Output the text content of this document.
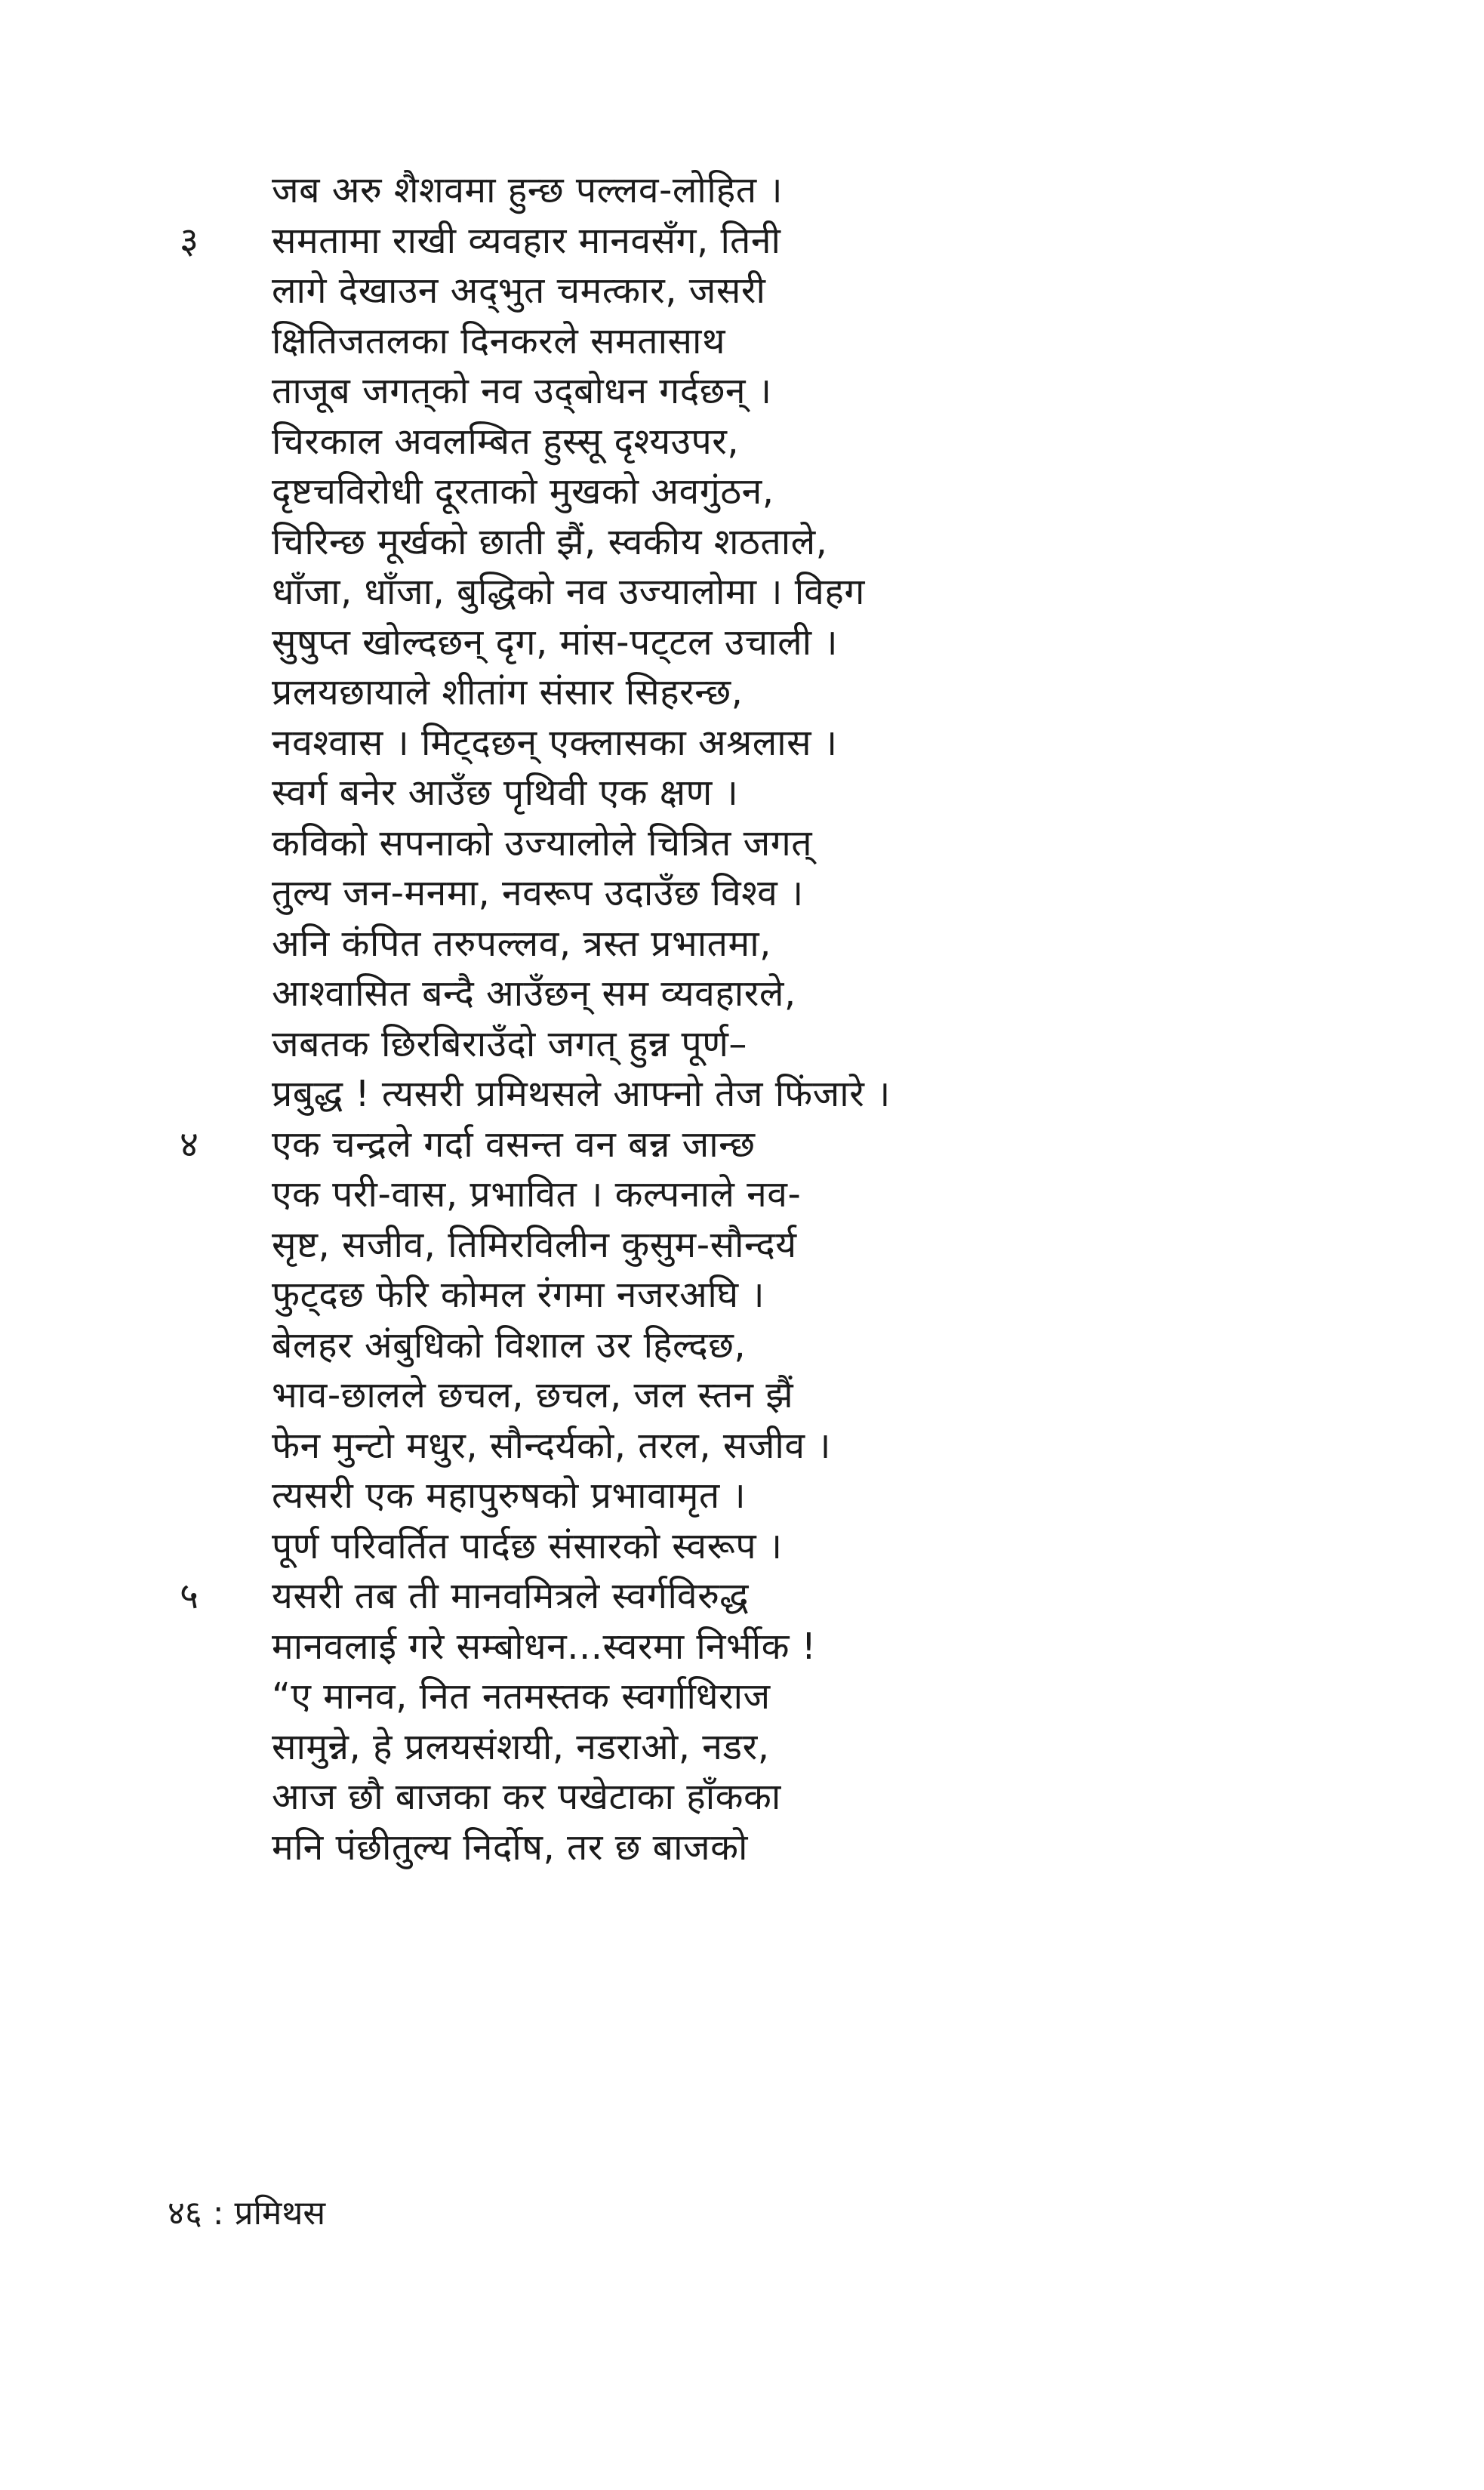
जब अरु शैशवमा हुन्छ पल्लव-लोहित ।
समतामा राखी व्यवहार मानवसँग, तिनी
लागे देखाउन अद्‌भुत चमत्कार, जसरी
क्षितिजतलका दिनकरले समतासाथ
ताजूब जगत्‌को नव उद्‌बोधन गर्दछन्‌ ।
चिरकाल अवलम्बित हुस्सू दृश्यउपर,
दृष्टचविरोधी दूरताको मुखको अवगुंठन,
चिरिन्छ मूर्खको छाती झैं, स्वकीय शठताले,
धाँजा, धाँजा, बुद्धिको नव उज्यालोमा । विहग
सुषुप्त खोल्दछन्‌ दृग, मांस-पट्‌टल उचाली ।
प्रलयछायाले शीतांग संसार सिहरन्छ,
नवश्वास । मिट्‌दछन्‌ एक्लासका अश्रलास ।
स्वर्ग बनेर आउँछ पृथिवी एक क्षण ।
कविको सपनाको उज्यालोले चित्रित जगत्‌
तुल्य जन-मनमा, नवरूप उदाउँछ विश्व ।
अनि कंपित तरुपल्लव, त्रस्त प्रभातमा,
आश्वासित बन्दै आउँछन्‌ सम व्यवहारले,
जबतक छिरबिराउँदो जगत्‌ हुन्न पूर्ण–
प्रबुद्ध ! त्यसरी प्रमिथसले आफ्नो तेज फिंजारे ।
एक चन्द्रले गर्दा वसन्त वन बन्न जान्छ
एक परी-वास, प्रभावित । कल्पनाले नव-
सृष्ट, सजीव, तिमिरविलीन कुसुम-सौन्दर्य
फुट्‌दछ फेरि कोमल रंगमा नजरअघि ।
बेलहर अंबुधिको विशाल उर हिल्दछ,
भाव-छालले छचल, छचल, जल स्तन झैं
फेन मुन्टो मधुर, सौन्दर्यको, तरल, सजीव ।
त्यसरी एक महापुरुषको प्रभावामृत ।
पूर्ण परिवर्तित पार्दछ संसारको स्वरूप ।
यसरी तब ती मानवमित्रले स्वर्गविरुद्ध
मानवलाई गरे सम्बोधन...स्वरमा निर्भीक !
“ए मानव, नित नतमस्तक स्वर्गाधिराज
सामुन्ने, हे प्रलयसंशयी, नडराओ, नडर,
आज छौ बाजका कर पखेटाका हाँकका
मनि पंछीतुल्य निर्दोष, तर छ बाजको
३
४
५
४६ : प्रमिथस
